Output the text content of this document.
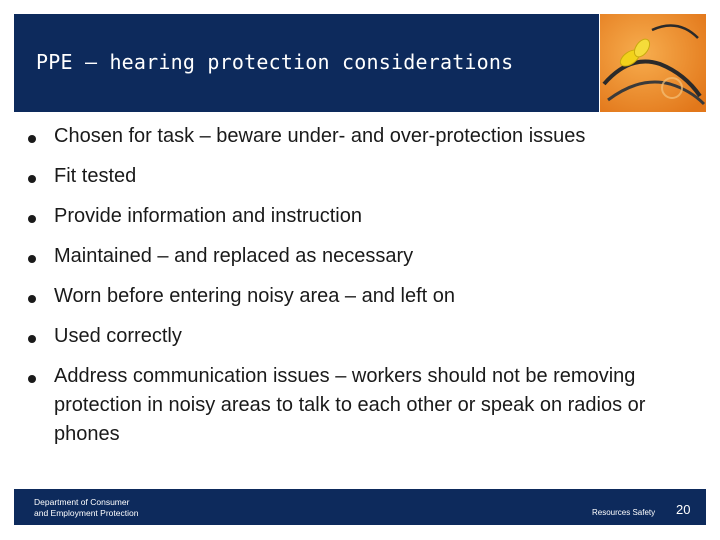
PPE – hearing protection considerations
Chosen for task – beware under- and over-protection issues
Fit tested
Provide information and instruction
Maintained – and replaced as necessary
Worn before entering noisy area – and left on
Used correctly
Address communication issues – workers should not be removing protection in noisy areas to talk to each other or speak on radios or phones
Department of Consumer
and Employment Protection	Resources Safety 20
